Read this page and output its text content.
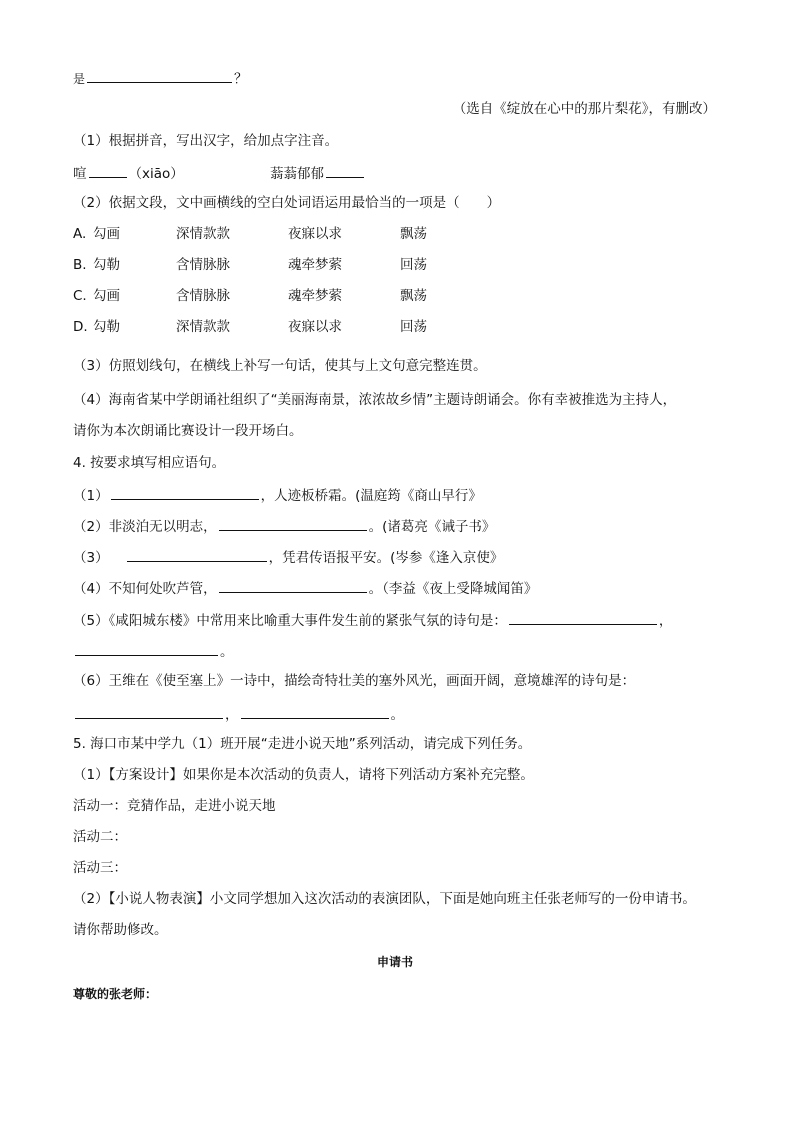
是	？
（选自《绽放在心中的那片梨花》，有删改）
（1）根据拼音，写出汉字，给加点字注音。
喧	（xiāo）	蓊蓊郁郁
（2）依据文段，文中画横线的空白处词语运用最恰当的一项是（　　）
A. 勾画	深情款款	夜寐以求	飘荡
B. 勾勒	含情脉脉	魂牵梦萦	回荡
C. 勾画	含情脉脉	魂牵梦萦	飘荡
D. 勾勒	深情款款	夜寐以求	回荡
（3）仿照划线句，在横线上补写一句话，使其与上文句意完整连贯。
（4）海南省某中学朗诵社组织了“美丽海南景，浓浓故乡情”主题诗朗诵会。你有幸被推选为主持人，
请你为本次朗诵比赛设计一段开场白。
4. 按要求填写相应语句。
（1）	，人迹板桥霜。(温庭筠《商山早行》
（2）非淡泊无以明志，	。(诸葛亮《诫子书》
（3）	，凭君传语报平安。(岑参《逢入京使》
（4）不知何处吹芦管，	。（李益《夜上受降城闻笛》
（5）《咸阳城东楼》中常用来比喻重大事件发生前的紧张气氛的诗句是：	，
。
（6）王维在《使至塞上》一诗中，描绘奇特壮美的塞外风光，画面开阔，意境雄浑的诗句是：
，	。
5. 海口市某中学九（1）班开展“走进小说天地”系列活动，请完成下列任务。
（1）【方案设计】如果你是本次活动的负责人，请将下列活动方案补充完整。
活动一：竞猜作品，走进小说天地
活动二：
活动三：
（2）【小说人物表演】小文同学想加入这次活动的表演团队，下面是她向班主任张老师写的一份申请书。
请你帮助修改。
申请书
尊敬的张老师：
